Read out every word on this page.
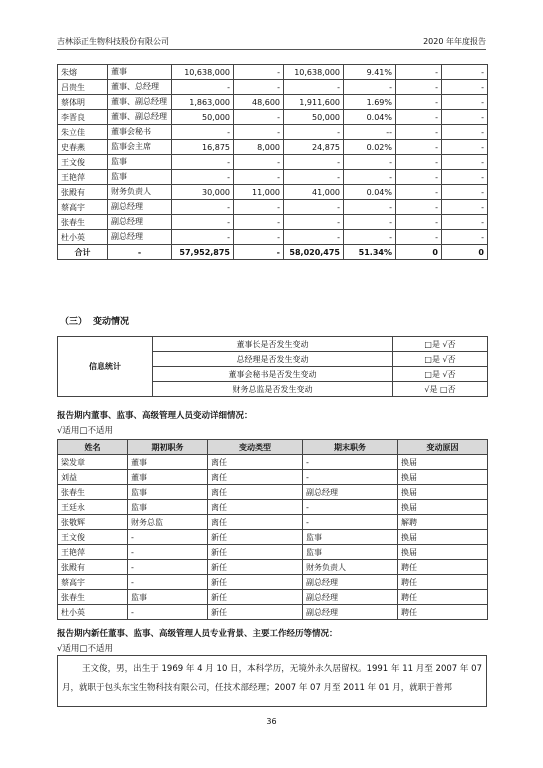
吉林添正生物科技股份有限公司	2020 年年度报告
朱熔	董事	10,638,000	-	10,638,000	9.41%	-	-
吕贵生	董事、总经理	-	-	-	-	-	-
蔡体明	董事、副总经理	1,863,000	48,600	1,911,600	1.69%	-	-
李晋良	董事、副总经理	50,000	-	50,000	0.04%	-	-
朱立佳	董事会秘书	-	-	-	--	-	-
史春燕	监事会主席	16,875	8,000	24,875	0.02%	-	-
王文俊	监事	-	-	-	-	-	-
王艳萍	监事	-	-	-	-	-	-
张殿有	财务负责人	30,000	11,000	41,000	0.04%	-	-
蔡高宇	副总经理	-	-	-	-	-	-
张春生	副总经理	-	-	-	-	-	-
杜小英	副总经理	-	-	-	-	-	-
合计	-	57,952,875	-	58,020,475	51.34%	0	0
（三） 变动情况
信息统计	董事长是否发生变动	□是 √否
	总经理是否发生变动	□是 √否
	董事会秘书是否发生变动	□是 √否
	财务总监是否发生变动	√是 □否
报告期内董事、监事、高级管理人员变动详细情况：
√适用□不适用
姓名	期初职务	变动类型	期末职务	变动原因
梁发章	董事	离任	-	换届
刘益	董事	离任	-	换届
张春生	监事	离任	副总经理	换届
王廷永	监事	离任	-	换届
张敬辉	财务总监	离任	-	解聘
王文俊	-	新任	监事	换届
王艳萍	-	新任	监事	换届
张殿有	-	新任	财务负责人	聘任
蔡高宇	-	新任	副总经理	聘任
张春生	监事	新任	副总经理	聘任
杜小英	-	新任	副总经理	聘任
报告期内新任董事、监事、高级管理人员专业背景、主要工作经历等情况：
√适用□不适用

王文俊，男，出生于 1969 年 4 月 10 日，本科学历，无境外永久居留权。1991 年 11 月至 2007 年 07 月，就职于包头东宝生物科技有限公司，任技术部经理；2007 年 07 月至 2011 年 01 月，就职于普邦

36
